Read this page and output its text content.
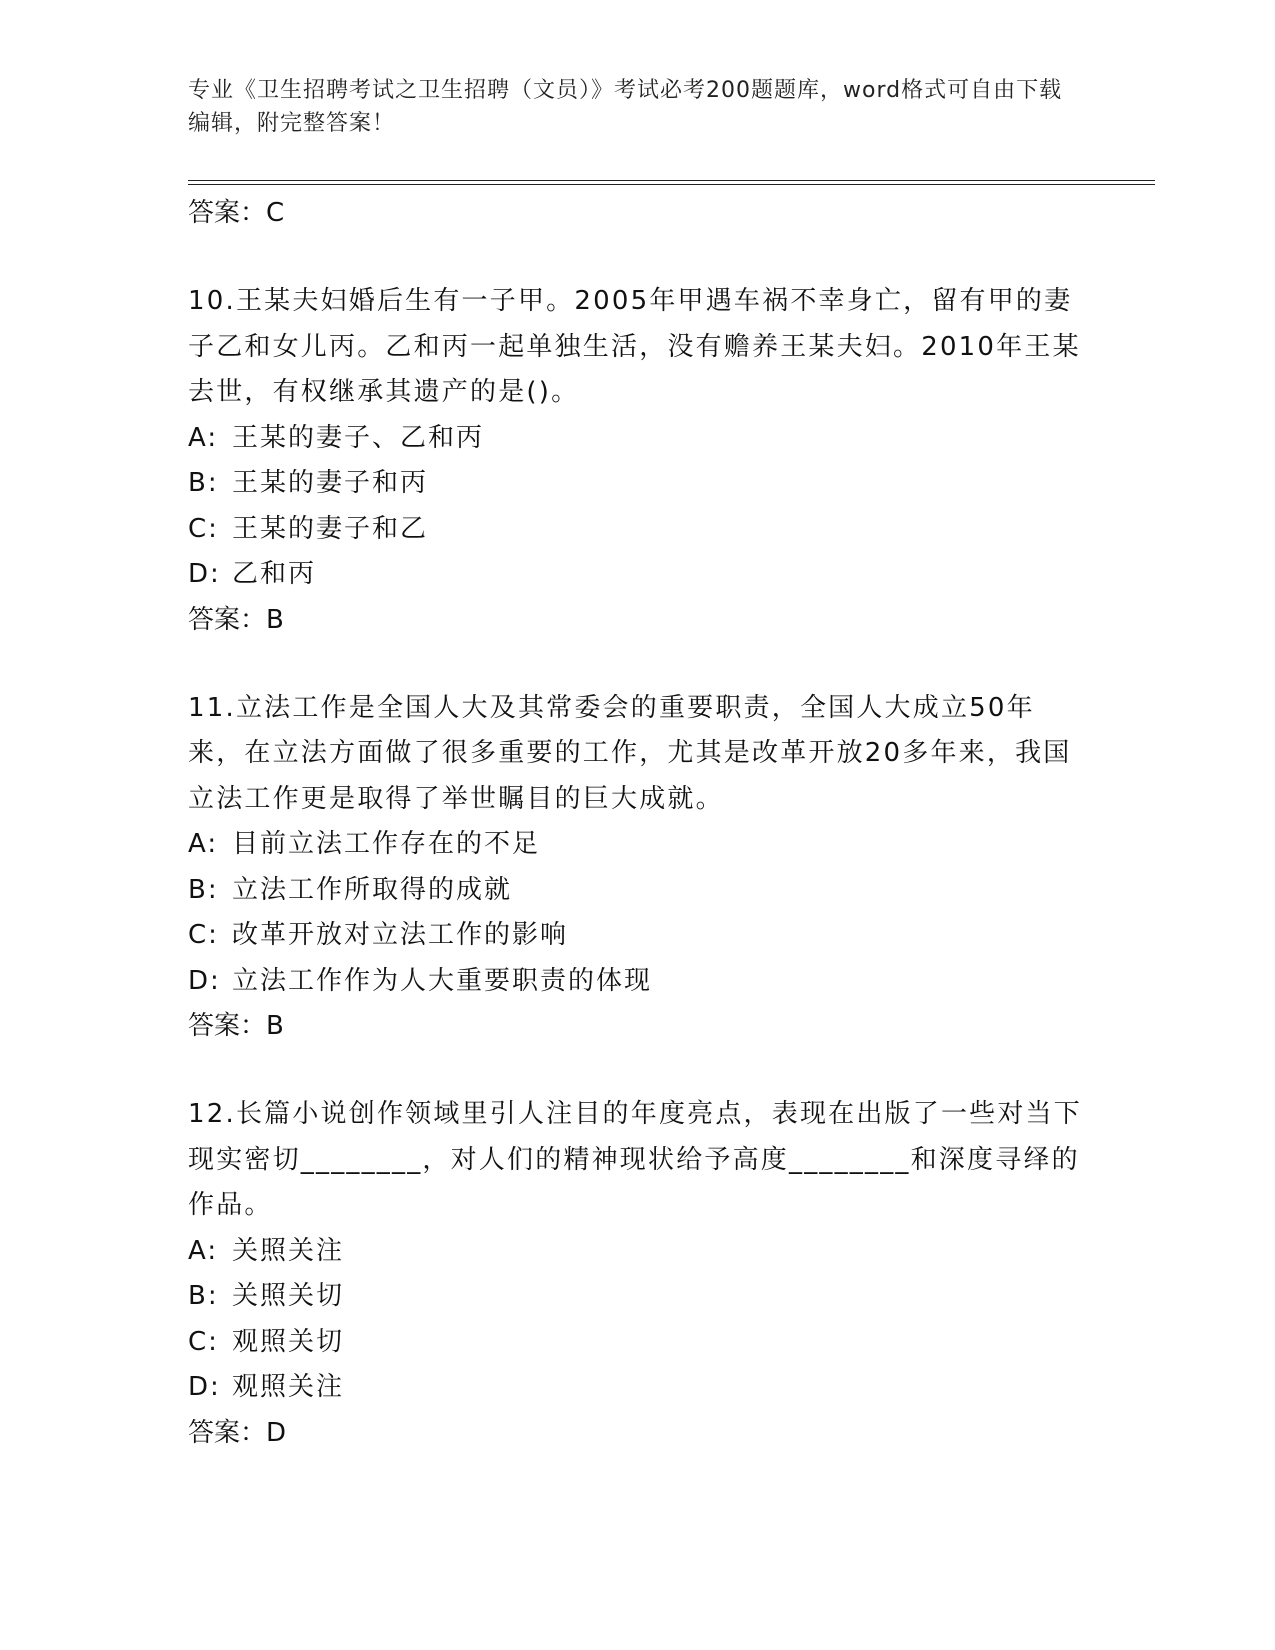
专业《卫生招聘考试之卫生招聘（文员）》考试必考200题题库，word格式可自由下载编辑，附完整答案！

答案：C

10.王某夫妇婚后生有一子甲。2005年甲遇车祸不幸身亡，留有甲的妻子乙和女儿丙。乙和丙一起单独生活，没有赡养王某夫妇。2010年王某去世，有权继承其遗产的是()。

A: 王某的妻子、乙和丙

B: 王某的妻子和丙

C: 王某的妻子和乙

D: 乙和丙

答案：B

11.立法工作是全国人大及其常委会的重要职责，全国人大成立50年来，在立法方面做了很多重要的工作，尤其是改革开放20多年来，我国立法工作更是取得了举世瞩目的巨大成就。

A: 目前立法工作存在的不足

B: 立法工作所取得的成就

C: 改革开放对立法工作的影响

D: 立法工作作为人大重要职责的体现

答案：B

12.长篇小说创作领域里引人注目的年度亮点，表现在出版了一些对当下现实密切________，对人们的精神现状给予高度________和深度寻绎的作品。

A: 关照关注

B: 关照关切

C: 观照关切

D: 观照关注

答案：D
